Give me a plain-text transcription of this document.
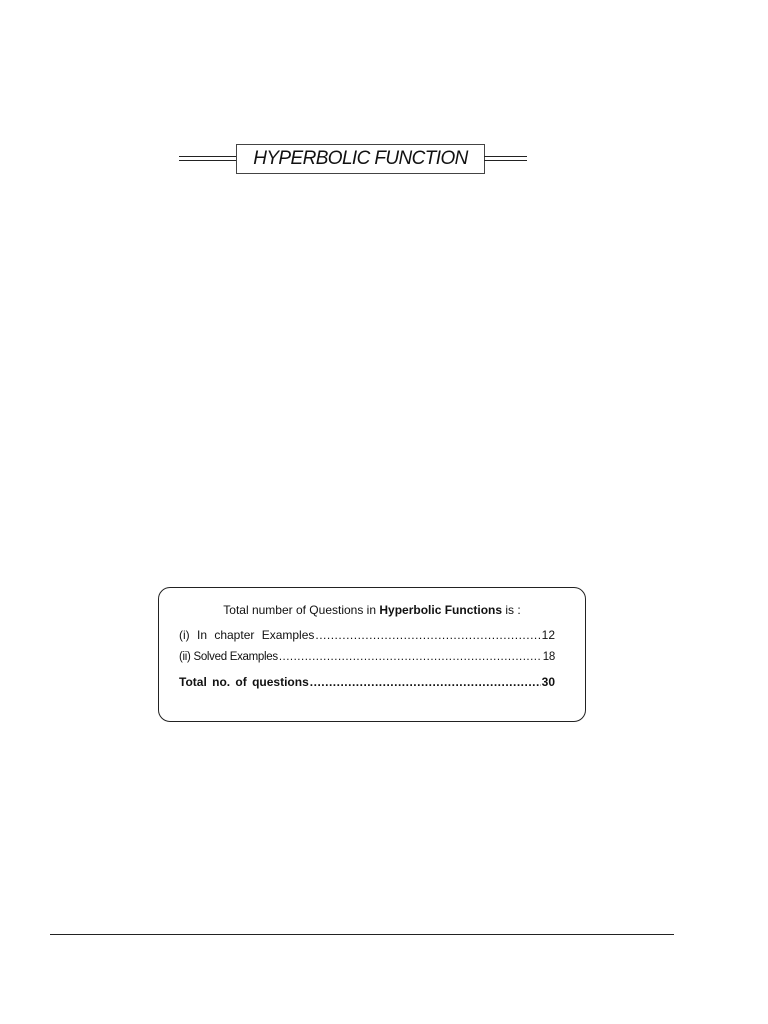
HYPERBOLIC FUNCTION
Total number of Questions in Hyperbolic Functions is :
(i) In chapter Examples .....	12
(ii) Solved Examples .....	18
Total no. of questions .....	30
